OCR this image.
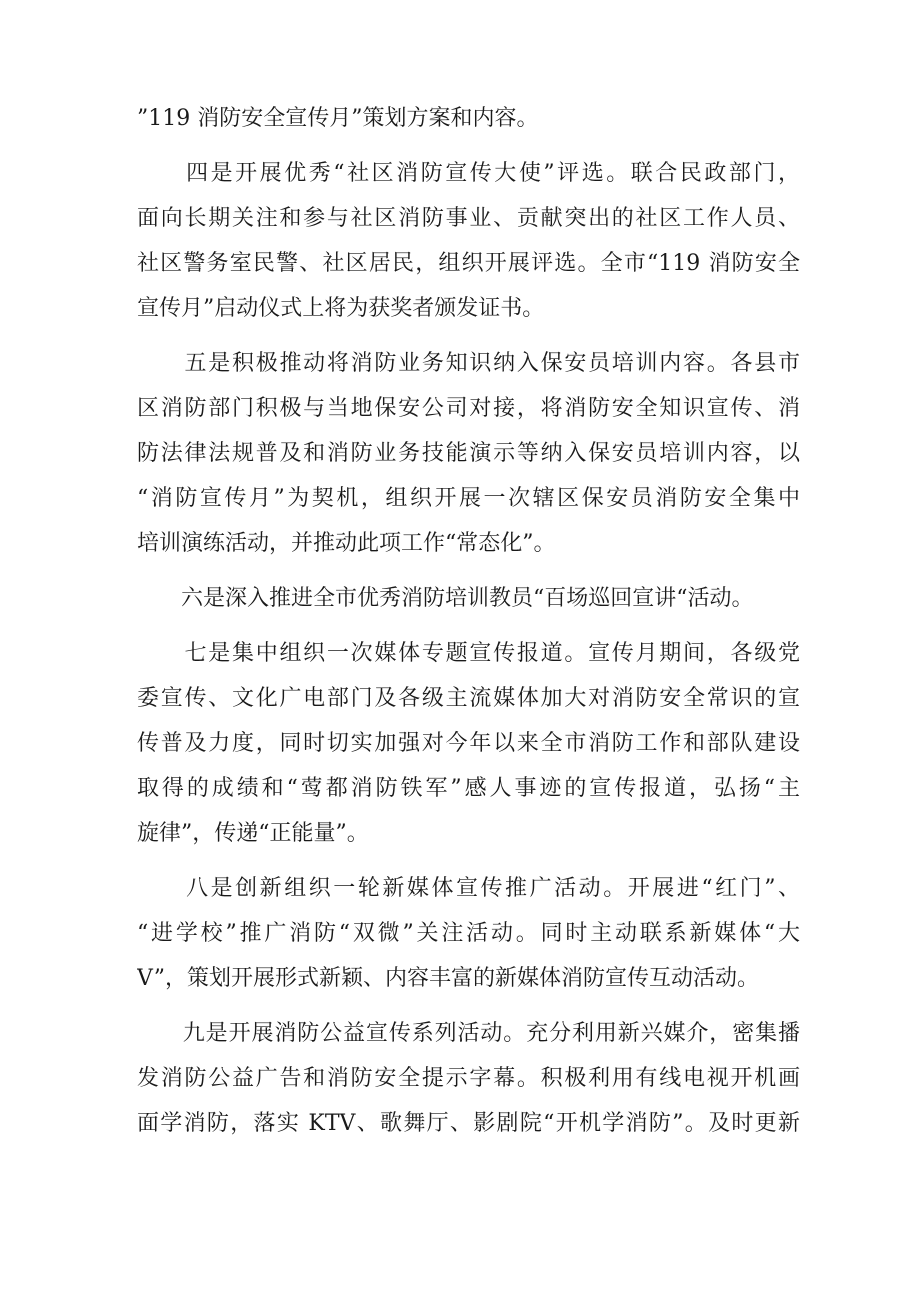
”119 消防安全宣传月”策划方案和内容。
　　四是开展优秀“社区消防宣传大使”评选。联合民政部门，
面向长期关注和参与社区消防事业、贡献突出的社区工作人员、
社区警务室民警、社区居民，组织开展评选。全市“119 消防安全
宣传月”启动仪式上将为获奖者颁发证书。
　　五是积极推动将消防业务知识纳入保安员培训内容。各县市
区消防部门积极与当地保安公司对接，将消防安全知识宣传、消
防法律法规普及和消防业务技能演示等纳入保安员培训内容，以
“消防宣传月”为契机，组织开展一次辖区保安员消防安全集中
培训演练活动，并推动此项工作“常态化”。
　　六是深入推进全市优秀消防培训教员“百场巡回宣讲“活动。
　　七是集中组织一次媒体专题宣传报道。宣传月期间，各级党
委宣传、文化广电部门及各级主流媒体加大对消防安全常识的宣
传普及力度，同时切实加强对今年以来全市消防工作和部队建设
取得的成绩和“莺都消防铁军”感人事迹的宣传报道，弘扬“主
旋律”，传递“正能量”。
　　八是创新组织一轮新媒体宣传推广活动。开展进“红门”、
“进学校”推广消防“双微”关注活动。同时主动联系新媒体“大
V”，策划开展形式新颖、内容丰富的新媒体消防宣传互动活动。
　　九是开展消防公益宣传系列活动。充分利用新兴媒介，密集播
发消防公益广告和消防安全提示字幕。积极利用有线电视开机画
面学消防，落实 KTV、歌舞厅、影剧院“开机学消防”。及时更新
